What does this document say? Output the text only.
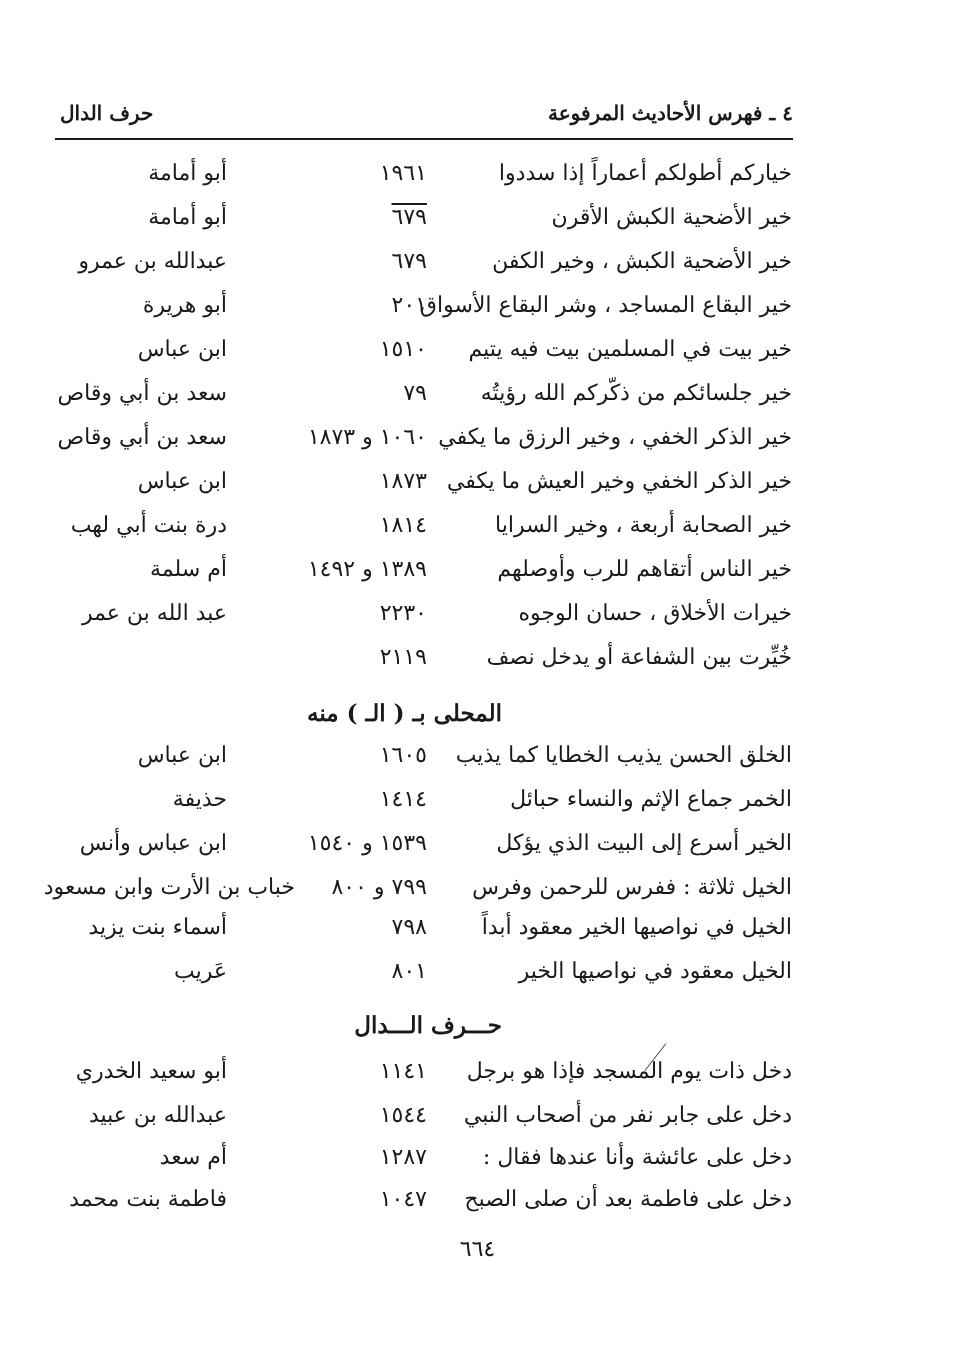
٤ ـ فهرس الأحاديث المرفوعة
حرف الدال
خياركم أطولكم أعماراً إذا سددوا
١٩٦١
أبو أمامة
خير الأضحية الكبش الأقرن
٦٧٩
أبو أمامة
خير الأضحية الكبش ، وخير الكفن
٦٧٩
عبدالله بن عمرو
خير البقاع المساجد ، وشر البقاع الأسواق
٢٠١
أبو هريرة
خير بيت في المسلمين بيت فيه يتيم
١٥١٠
ابن عباس
خير جلسائكم من ذكّركم الله رؤيتُه
٧٩
سعد بن أبي وقاص
خير الذكر الخفي ، وخير الرزق ما يكفي
١٠٦٠ و ١٨٧٣
سعد بن أبي وقاص
خير الذكر الخفي وخير العيش ما يكفي
١٨٧٣
ابن عباس
خير الصحابة أربعة ، وخير السرايا
١٨١٤
درة بنت أبي لهب
خير الناس أتقاهم للرب وأوصلهم
١٣٨٩ و ١٤٩٢
أم سلمة
خيرات الأخلاق ، حسان الوجوه
٢٢٣٠
عبد الله بن عمر
خُيِّرت بين الشفاعة أو يدخل نصف
٢١١٩
المحلى بـ ( الـ ) منه
الخلق الحسن يذيب الخطايا كما يذيب
١٦٠٥
ابن عباس
الخمر جماع الإثم والنساء حبائل
١٤١٤
حذيفة
الخير أسرع إلى البيت الذي يؤكل
١٥٣٩ و ١٥٤٠
ابن عباس وأنس
الخيل ثلاثة : ففرس للرحمن وفرس
٧٩٩ و ٨٠٠
خباب بن الأرت وابن مسعود
الخيل في نواصيها الخير معقود أبداً
٧٩٨
أسماء بنت يزيد
الخيل معقود في نواصيها الخير
٨٠١
عَريب
حـــرف الـــدال
دخل ذات يوم المسجد فإذا هو برجل
١١٤١
أبو سعيد الخدري
دخل على جابر نفر من أصحاب النبي
١٥٤٤
عبدالله بن عبيد
دخل على عائشة وأنا عندها فقال :
١٢٨٧
أم سعد
دخل على فاطمة بعد أن صلى الصبح
١٠٤٧
فاطمة بنت محمد
٦٦٤
